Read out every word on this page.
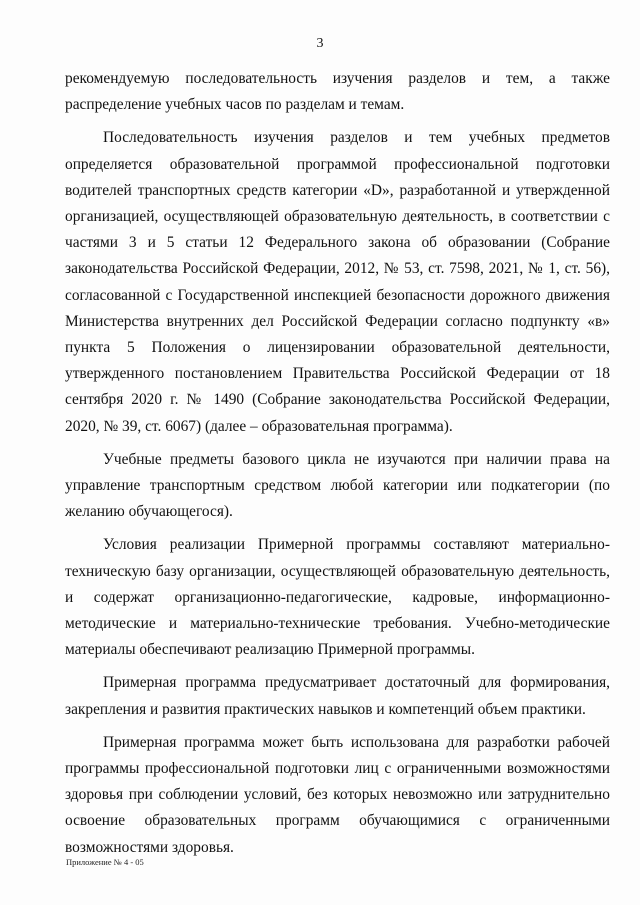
3

рекомендуемую последовательность изучения разделов и тем, а также распределение учебных часов по разделам и темам.

Последовательность изучения разделов и тем учебных предметов определяется образовательной программой профессиональной подготовки водителей транспортных средств категории «D», разработанной и утвержденной организацией, осуществляющей образовательную деятельность, в соответствии с частями 3 и 5 статьи 12 Федерального закона об образовании (Собрание законодательства Российской Федерации, 2012, № 53, ст. 7598, 2021, № 1, ст. 56), согласованной с Государственной инспекцией безопасности дорожного движения Министерства внутренних дел Российской Федерации согласно подпункту «в» пункта 5 Положения о лицензировании образовательной деятельности, утвержденного постановлением Правительства Российской Федерации от 18 сентября 2020 г. № 1490 (Собрание законодательства Российской Федерации, 2020, № 39, ст. 6067) (далее – образовательная программа).

Учебные предметы базового цикла не изучаются при наличии права на управление транспортным средством любой категории или подкатегории (по желанию обучающегося).

Условия реализации Примерной программы составляют материально-техническую базу организации, осуществляющей образовательную деятельность, и содержат организационно-педагогические, кадровые, информационно-методические и материально-технические требования. Учебно-методические материалы обеспечивают реализацию Примерной программы.

Примерная программа предусматривает достаточный для формирования, закрепления и развития практических навыков и компетенций объем практики.

Примерная программа может быть использована для разработки рабочей программы профессиональной подготовки лиц с ограниченными возможностями здоровья при соблюдении условий, без которых невозможно или затруднительно освоение образовательных программ обучающимися с ограниченными возможностями здоровья.

Приложение № 4 - 05
